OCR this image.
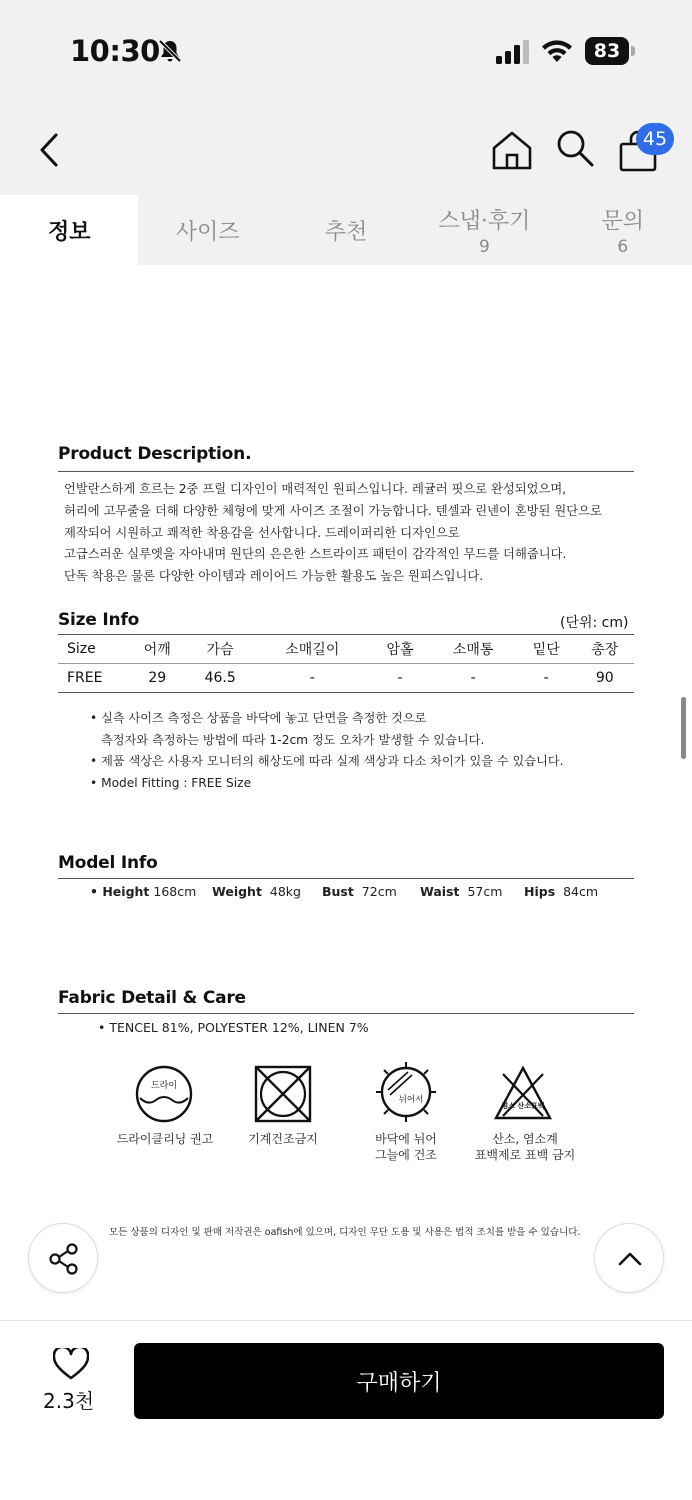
10:30	83
45
정보	사이즈	추천	스냅·후기
9
문의
6
Product Description.
언발란스하게 흐르는 2중 프릴 디자인이 매력적인 원피스입니다. 레귤러 핏으로 완성되었으며,
허리에 고무줄을 더해 다양한 체형에 맞게 사이즈 조절이 가능합니다. 텐셀과 린넨이 혼방된 원단으로
제작되어 시원하고 쾌적한 착용감을 선사합니다. 드레이퍼리한 디자인으로
고급스러운 실루엣을 자아내며 원단의 은은한 스트라이프 패턴이 감각적인 무드를 더해줍니다.
단독 착용은 물론 다양한 아이템과 레이어드 가능한 활용도 높은 원피스입니다.
Size Info	(단위: cm)
Size	어깨	가슴	소매길이	암홀	소매통	밑단	총장
FREE	29	46.5	-	-	-	-	90
• 실측 사이즈 측정은 상품을 바닥에 놓고 단면을 측정한 것으로
측정자와 측정하는 방법에 따라 1-2cm 정도 오차가 발생할 수 있습니다.
• 제품 색상은 사용자 모니터의 해상도에 따라 실제 색상과 다소 차이가 있을 수 있습니다.
• Model Fitting : FREE Size
Model Info
• Height 168cm Weight 48kg Bust 72cm Waist 57cm Hips 84cm
Fabric Detail & Care
• TENCEL 81%, POLYESTER 12%, LINEN 7%
드라이
드라이클리닝 권고	기계건조금지
뉘어서
바닥에 뉘어
그늘에 건조
염소 산소표백
산소, 염소계
표백제로 표백 금지
모든 상품의 디자인 및 판매 저작권은 oafish에 있으며, 디자인 무단 도용 및 사용은 법적 조치를 받을 수 있습니다.
2.3천
구매하기
